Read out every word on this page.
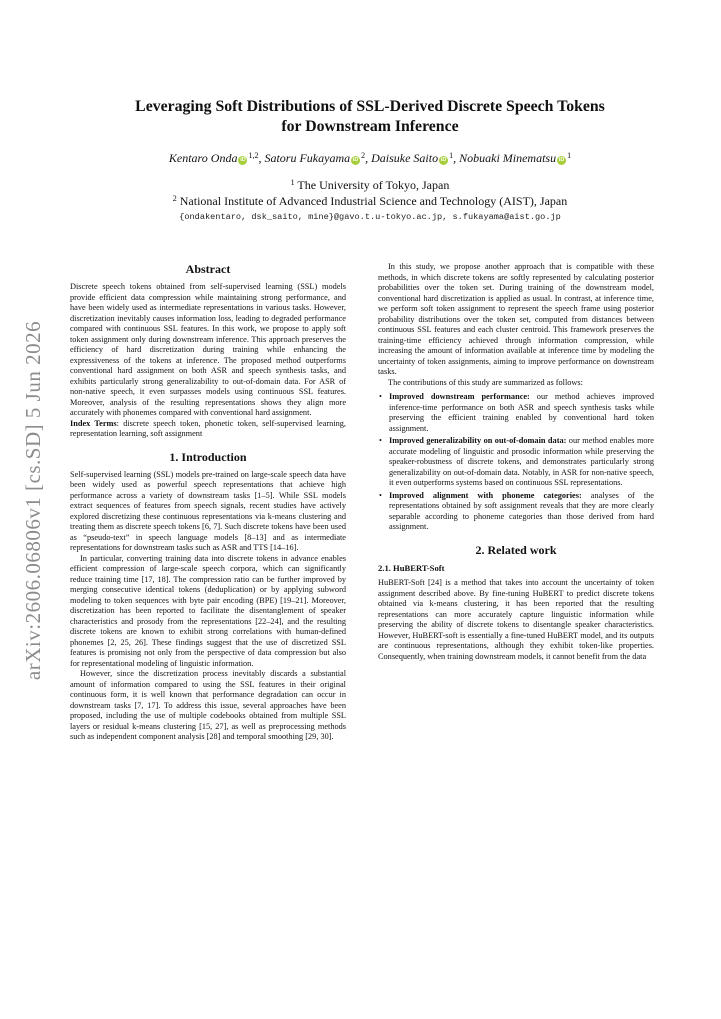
arXiv:2606.06806v1 [cs.SD] 5 Jun 2026
Leveraging Soft Distributions of SSL-Derived Discrete Speech Tokens
for Downstream Inference
Kentaro Onda iD $^{1,2}$, Satoru Fukayama iD $^2$, Daisuke Saito iD $^1$, Nobuaki Minematsu iD $^1$
$^1$ The University of Tokyo, Japan
$^2$ National Institute of Advanced Industrial Science and Technology (AIST), Japan
{ondakentaro, dsk_saito, mine}@gavo.t.u-tokyo.ac.jp, s.fukayama@aist.go.jp
Abstract

Discrete speech tokens obtained from self-supervised learning (SSL) models provide efficient data compression while maintaining strong performance, and have been widely used as intermediate representations in various tasks. However, discretization inevitably causes information loss, leading to degraded performance compared with continuous SSL features. In this work, we propose to apply soft token assignment only during downstream inference. This approach preserves the efficiency of hard discretization during training while enhancing the expressiveness of the tokens at inference. The proposed method outperforms conventional hard assignment on both ASR and speech synthesis tasks, and exhibits particularly strong generalizability to out-of-domain data. For ASR of non-native speech, it even surpasses models using continuous SSL features. Moreover, analysis of the resulting representations shows they align more accurately with phonemes compared with conventional hard assignment.

Index Terms: discrete speech token, phonetic token, self-supervised learning, representation learning, soft assignment

1. Introduction

Self-supervised learning (SSL) models pre-trained on large-scale speech data have been widely used as powerful speech representations that achieve high performance across a variety of downstream tasks [1–5]. While SSL models extract sequences of features from speech signals, recent studies have actively explored discretizing these continuous representations via k-means clustering and treating them as discrete speech tokens [6, 7]. Such discrete tokens have been used as “pseudo-text” in speech language models [8–13] and as intermediate representations for downstream tasks such as ASR and TTS [14–16].

In particular, converting training data into discrete tokens in advance enables efficient compression of large-scale speech corpora, which can significantly reduce training time [17, 18]. The compression ratio can be further improved by merging consecutive identical tokens (deduplication) or by applying subword modeling to token sequences with byte pair encoding (BPE) [19–21]. Moreover, discretization has been reported to facilitate the disentanglement of speaker characteristics and prosody from the representations [22–24], and the resulting discrete tokens are known to exhibit strong correlations with human-defined phonemes [2, 25, 26]. These findings suggest that the use of discretized SSL features is promising not only from the perspective of data compression but also for representational modeling of linguistic information.

However, since the discretization process inevitably discards a substantial amount of information compared to using the SSL features in their original continuous form, it is well known that performance degradation can occur in downstream tasks [7, 17]. To address this issue, several approaches have been proposed, including the use of multiple codebooks obtained from multiple SSL layers or residual k-means clustering [15, 27], as well as preprocessing methods such as independent component analysis [28] and temporal smoothing [29, 30].

In this study, we propose another approach that is compatible with these methods, in which discrete tokens are softly represented by calculating posterior probabilities over the token set. During training of the downstream model, conventional hard discretization is applied as usual. In contrast, at inference time, we perform soft token assignment to represent the speech frame using posterior probability distributions over the token set, computed from distances between continuous SSL features and each cluster centroid. This framework preserves the training-time efficiency achieved through information compression, while increasing the amount of information available at inference time by modeling the uncertainty of token assignments, aiming to improve performance on downstream tasks.

The contributions of this study are summarized as follows:

• Improved downstream performance: our method achieves improved inference-time performance on both ASR and speech synthesis tasks while preserving the efficient training enabled by conventional hard token assignment.
• Improved generalizability on out-of-domain data: our method enables more accurate modeling of linguistic and prosodic information while preserving the speaker-robustness of discrete tokens, and demonstrates particularly strong generalizability on out-of-domain data. Notably, in ASR for non-native speech, it even outperforms systems based on continuous SSL representations.
• Improved alignment with phoneme categories: analyses of the representations obtained by soft assignment reveals that they are more clearly separable according to phoneme categories than those derived from hard assignment.
2. Related work
2.1. HuBERT-Soft

HuBERT-Soft [24] is a method that takes into account the uncertainty of token assignment described above. By fine-tuning HuBERT to predict discrete tokens obtained via k-means clustering, it has been reported that the resulting representations can more accurately capture linguistic information while preserving the ability of discrete tokens to disentangle speaker characteristics. However, HuBERT-soft is essentially a fine-tuned HuBERT model, and its outputs are continuous representations, although they exhibit token-like properties. Consequently, when training downstream models, it cannot benefit from the data
